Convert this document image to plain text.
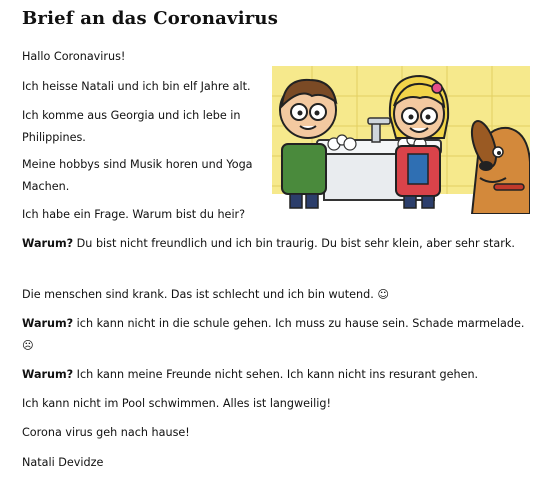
Brief an das Coronavirus
Hallo Coronavirus!
Ich heisse Natali und ich bin elf Jahre alt.
Ich komme aus Georgia und ich lebe in Philippines.
Meine hobbys sind Musik horen und Yoga Machen.
Ich habe ein Frage. Warum bist du heir?
Warum? Du bist nicht freundlich und ich bin traurig. Du bist sehr klein, aber sehr stark.
Die menschen sind krank. Das ist schlecht und ich bin wutend. ☺
Warum? ich kann nicht in die schule gehen. Ich muss zu hause sein. Schade marmelade. ☹
Warum? Ich kann meine Freunde nicht sehen. Ich kann nicht ins resurant gehen.
Ich kann nicht im Pool schwimmen. Alles ist langweilig!
Corona virus geh nach hause!
Natali Devidze
